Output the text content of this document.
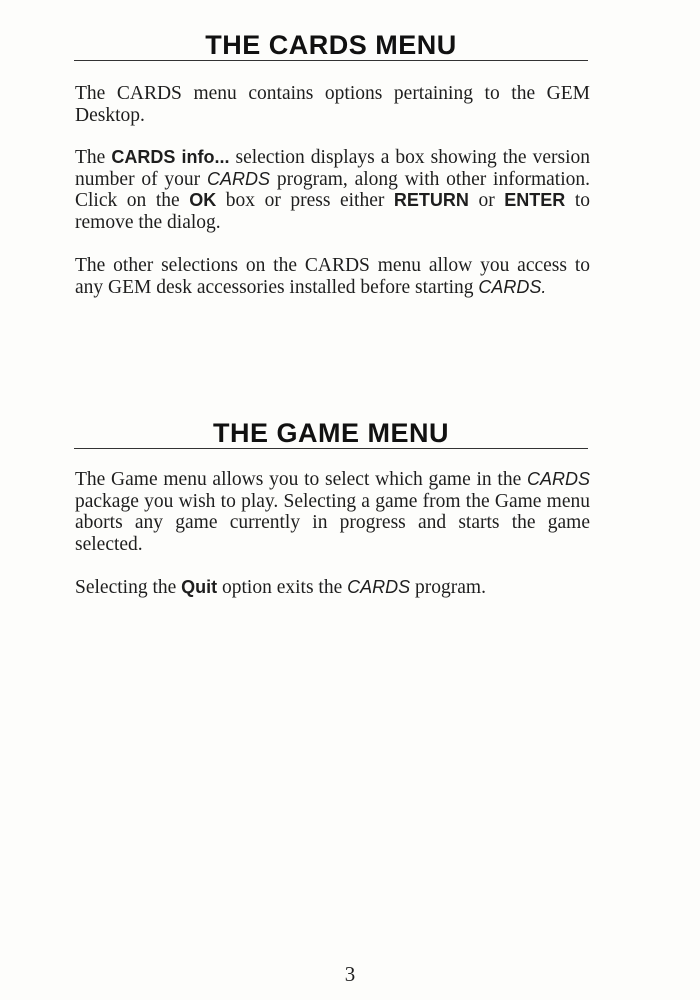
THE CARDS MENU

The CARDS menu contains options pertaining to the GEM Desktop.

The CARDS info... selection displays a box showing the version number of your CARDS program, along with other information. Click on the OK box or press either RETURN or ENTER to remove the dialog.

The other selections on the CARDS menu allow you access to any GEM desk accessories installed before starting CARDS.

THE GAME MENU

The Game menu allows you to select which game in the CARDS package you wish to play. Selecting a game from the Game menu aborts any game currently in progress and starts the game selected.

Selecting the Quit option exits the CARDS program.

3
